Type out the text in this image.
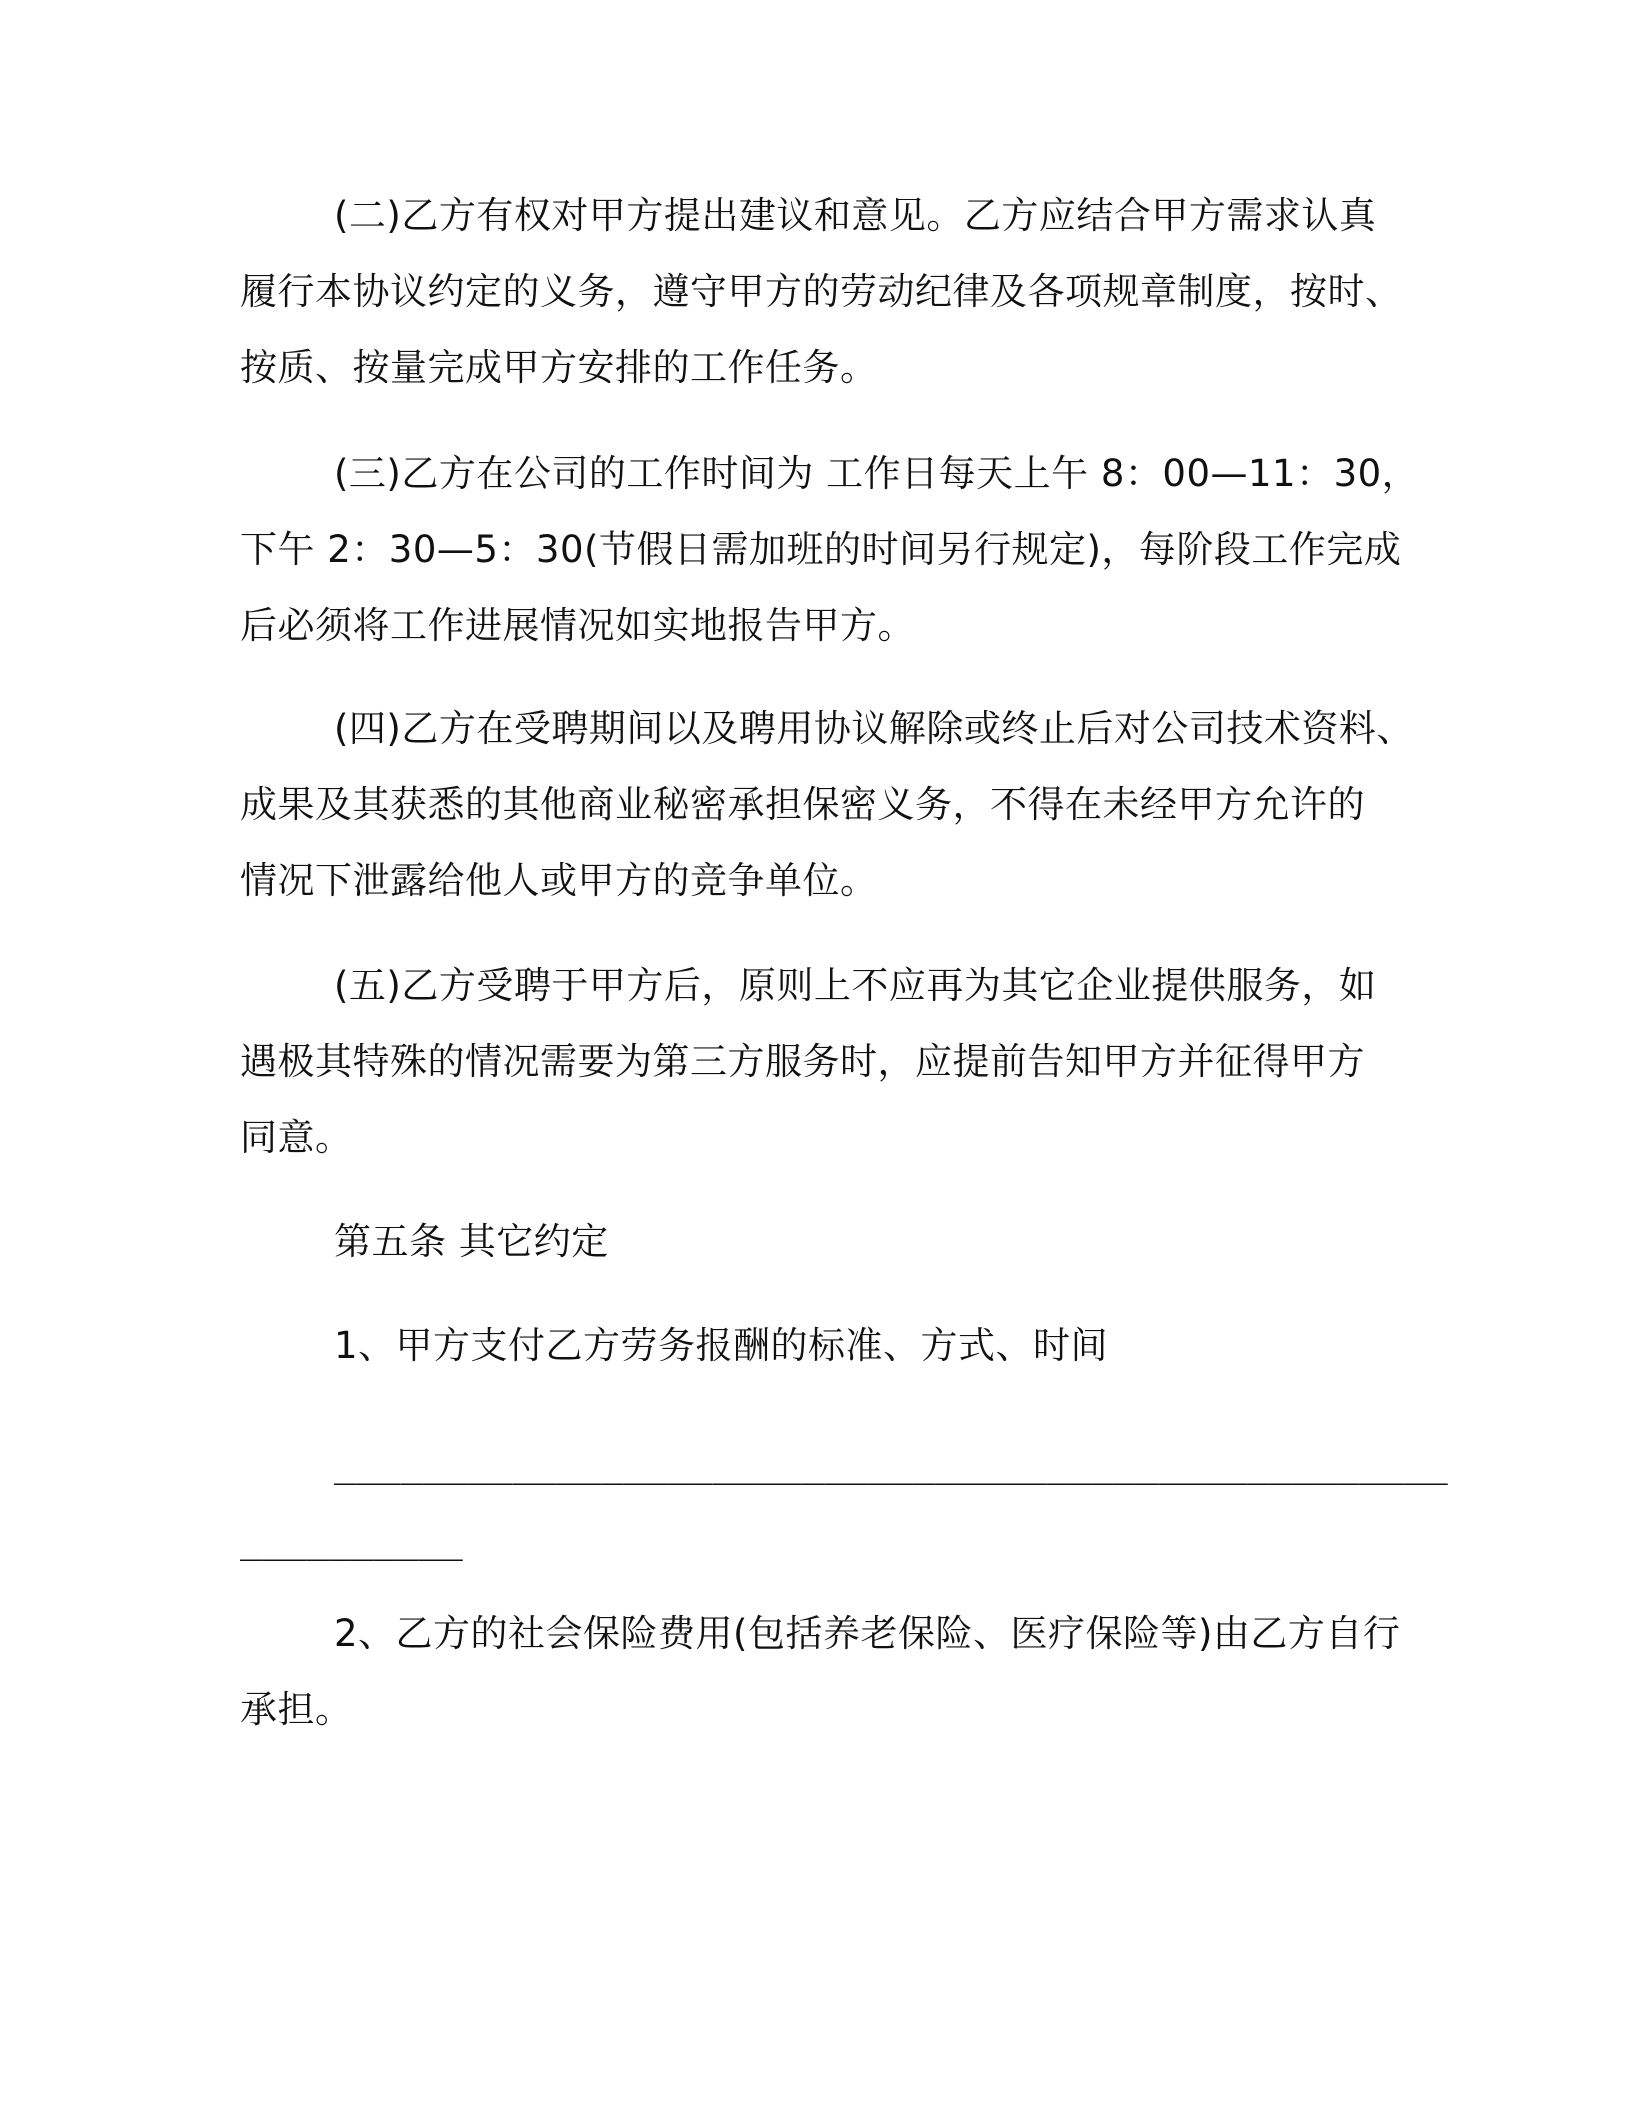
(二)乙方有权对甲方提出建议和意见。乙方应结合甲方需求认真
履行本协议约定的义务，遵守甲方的劳动纪律及各项规章制度，按时、
按质、按量完成甲方安排的工作任务。
(三)乙方在公司的工作时间为 工作日每天上午 8：00—11：30，
下午 2：30—5：30(节假日需加班的时间另行规定)，每阶段工作完成
后必须将工作进展情况如实地报告甲方。
(四)乙方在受聘期间以及聘用协议解除或终止后对公司技术资料、
成果及其获悉的其他商业秘密承担保密义务，不得在未经甲方允许的
情况下泄露给他人或甲方的竞争单位。
(五)乙方受聘于甲方后，原则上不应再为其它企业提供服务，如
遇极其特殊的情况需要为第三方服务时，应提前告知甲方并征得甲方
同意。
第五条 其它约定
1、甲方支付乙方劳务报酬的标准、方式、时间
__________________________________________________
__________
2、乙方的社会保险费用(包括养老保险、医疗保险等)由乙方自行
承担。
